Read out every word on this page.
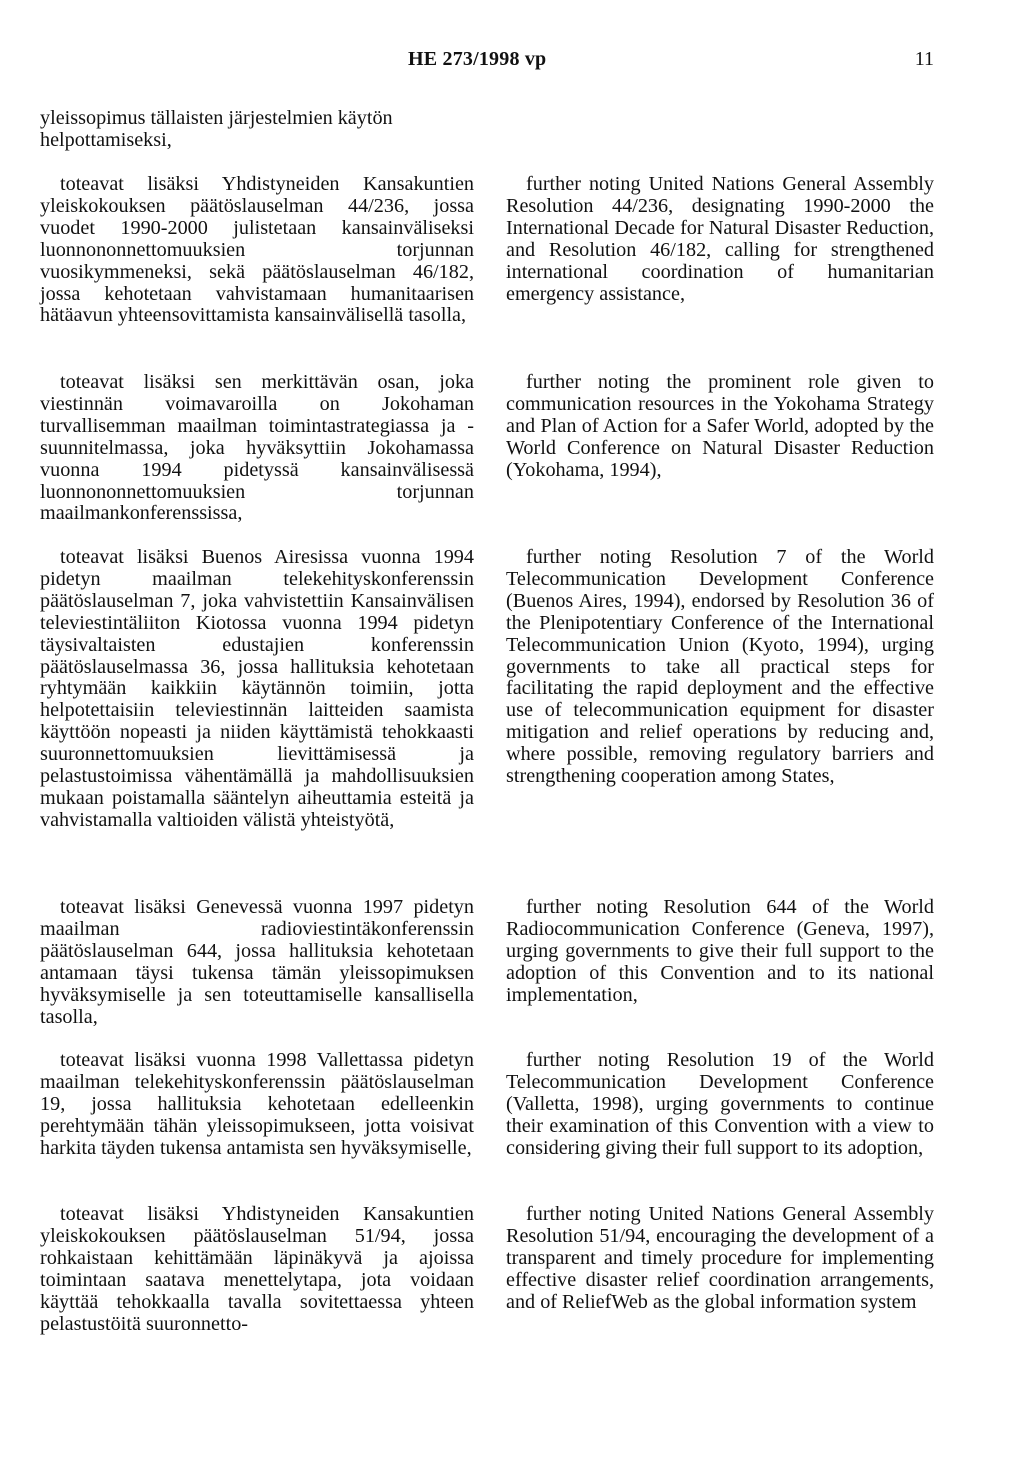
HE 273/1998 vp	11

yleissopimus tällaisten järjestelmien käytön helpottamiseksi,

toteavat lisäksi Yhdistyneiden Kansakuntien yleiskokouksen päätöslauselman 44/236, jossa vuodet 1990-2000 julistetaan kansainväliseksi luonnononnettomuuksien torjunnan vuosikymmeneksi, sekä päätöslauselman 46/182, jossa kehotetaan vahvistamaan humanitaarisen hätäavun yhteensovittamista kansainvälisellä tasolla,

toteavat lisäksi sen merkittävän osan, joka viestinnän voimavaroilla on Jokohaman turvallisemman maailman toimintastrategiassa ja -suunnitelmassa, joka hyväksyttiin Jokohamassa vuonna 1994 pidetyssä kansainvälisessä luonnononnettomuuksien torjunnan maailmankonferenssissa,

toteavat lisäksi Buenos Airesissa vuonna 1994 pidetyn maailman telekehityskonferenssin päätöslauselman 7, joka vahvistettiin Kansainvälisen televiestintäliiton Kiotossa vuonna 1994 pidetyn täysivaltaisten edustajien konferenssin päätöslauselmassa 36, jossa hallituksia kehotetaan ryhtymään kaikkiin käytännön toimiin, jotta helpotettaisiin televiestinnän laitteiden saamista käyttöön nopeasti ja niiden käyttämistä tehokkaasti suuronnettomuuksien lievittämisessä ja pelastustoimissa vähentämällä ja mahdollisuuksien mukaan poistamalla sääntelyn aiheuttamia esteitä ja vahvistamalla valtioiden välistä yhteistyötä,

toteavat lisäksi Genevessä vuonna 1997 pidetyn maailman radioviestintäkonferenssin päätöslauselman 644, jossa hallituksia kehotetaan antamaan täysi tukensa tämän yleissopimuksen hyväksymiselle ja sen toteuttamiselle kansallisella tasolla,

toteavat lisäksi vuonna 1998 Vallettassa pidetyn maailman telekehityskonferenssin päätöslauselman 19, jossa hallituksia kehotetaan edelleenkin perehtymään tähän yleissopimukseen, jotta voisivat harkita täyden tukensa antamista sen hyväksymiselle,

toteavat lisäksi Yhdistyneiden Kansakuntien yleiskokouksen päätöslauselman 51/94, jossa rohkaistaan kehittämään läpinäkyvä ja ajoissa toimintaan saatava menettelytapa, jota voidaan käyttää tehokkaalla tavalla sovitettaessa yhteen pelastustöitä suuronnetto-

further noting United Nations General Assembly Resolution 44/236, designating 1990-2000 the International Decade for Natural Disaster Reduction, and Resolution 46/182, calling for strengthened international coordination of humanitarian emergency assistance,

further noting the prominent role given to communication resources in the Yokohama Strategy and Plan of Action for a Safer World, adopted by the World Conference on Natural Disaster Reduction (Yokohama, 1994),

further noting Resolution 7 of the World Telecommunication Development Conference (Buenos Aires, 1994), endorsed by Resolution 36 of the Plenipotentiary Conference of the International Telecommunication Union (Kyoto, 1994), urging governments to take all practical steps for facilitating the rapid deployment and the effective use of telecommunication equipment for disaster mitigation and relief operations by reducing and, where possible, removing regulatory barriers and strengthening cooperation among States,

further noting Resolution 644 of the World Radiocommunication Conference (Geneva, 1997), urging governments to give their full support to the adoption of this Convention and to its national implementation,

further noting Resolution 19 of the World Telecommunication Development Conference (Valletta, 1998), urging governments to continue their examination of this Convention with a view to considering giving their full support to its adoption,

further noting United Nations General Assembly Resolution 51/94, encouraging the development of a transparent and timely procedure for implementing effective disaster relief coordination arrangements, and of ReliefWeb as the global information system
